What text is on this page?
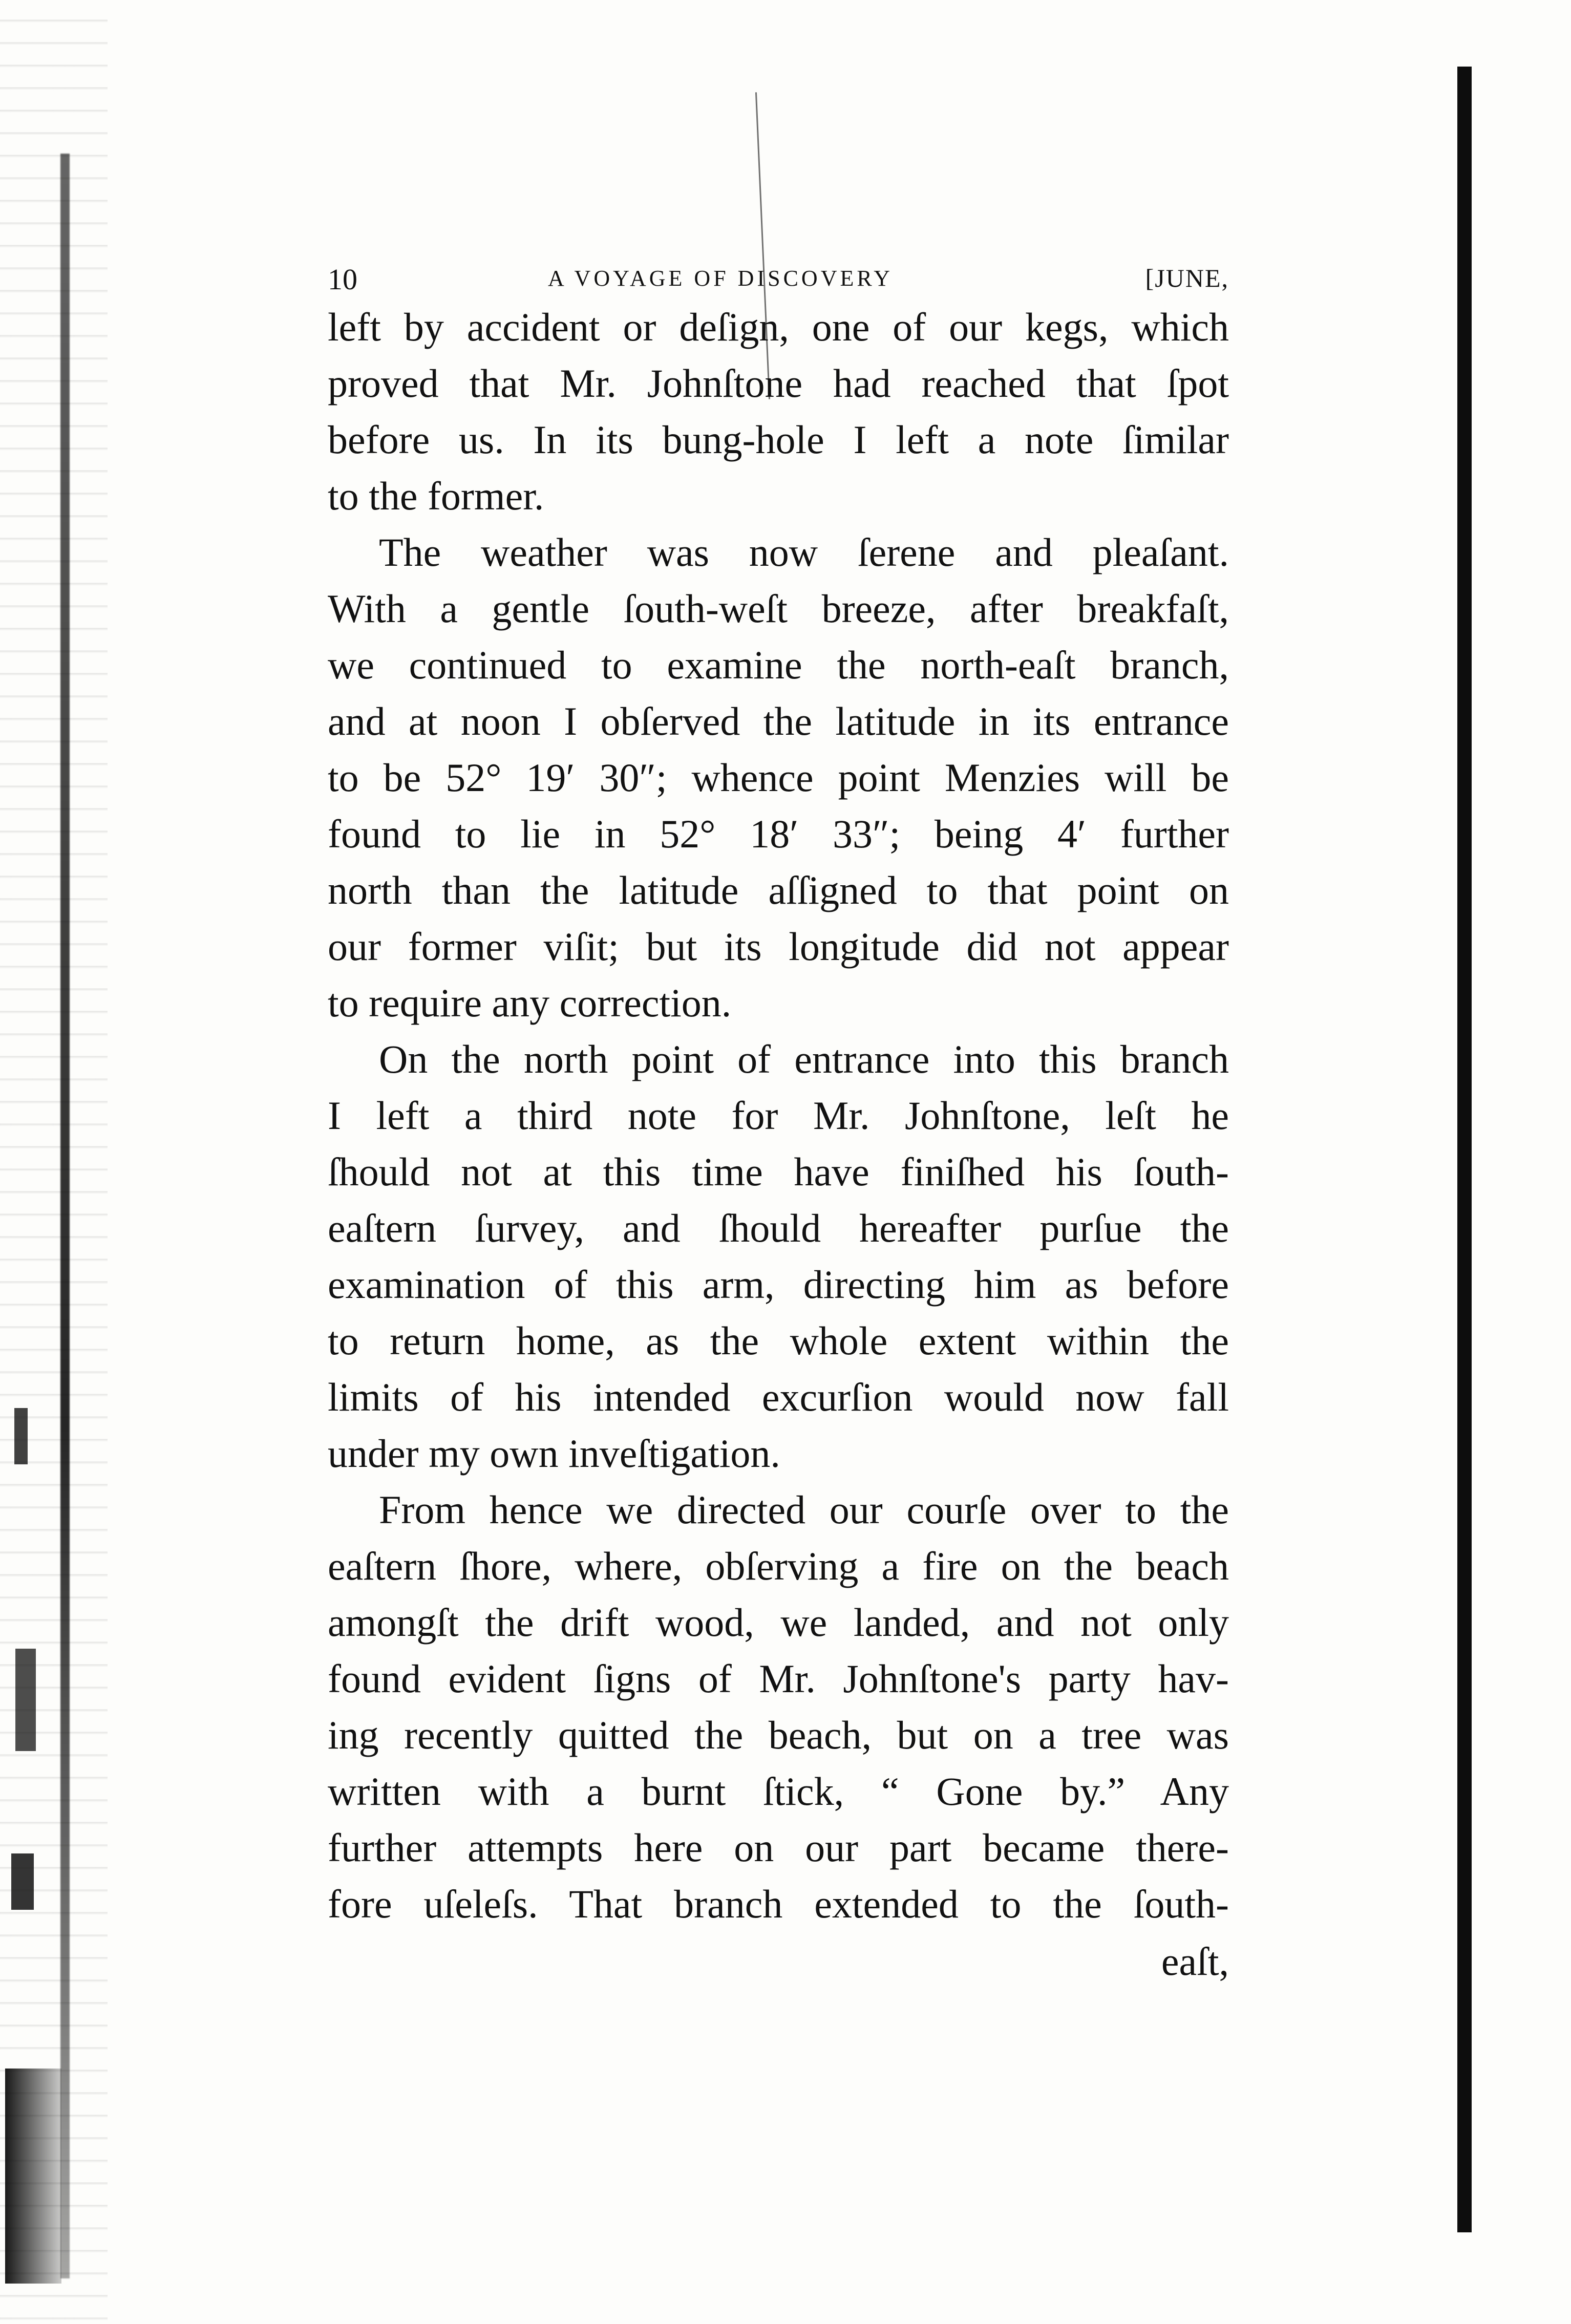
10	A VOYAGE OF DISCOVERY	[JUNE,
left by accident or deſign, one of our kegs, which
proved that Mr. Johnſtone had reached that ſpot
before us. In its bung-hole I left a note ſimilar
to the former.
The weather was now ſerene and pleaſant.
With a gentle ſouth-weſt breeze, after breakfaſt,
we continued to examine the north-eaſt branch,
and at noon I obſerved the latitude in its entrance
to be 52° 19′ 30″; whence point Menzies will be
found to lie in 52° 18′ 33″; being 4′ further
north than the latitude aſſigned to that point on
our former viſit; but its longitude did not appear
to require any correction.
On the north point of entrance into this branch
I left a third note for Mr. Johnſtone, leſt he
ſhould not at this time have finiſhed his ſouth-
eaſtern ſurvey, and ſhould hereafter purſue the
examination of this arm, directing him as before
to return home, as the whole extent within the
limits of his intended excurſion would now fall
under my own inveſtigation.
From hence we directed our courſe over to the
eaſtern ſhore, where, obſerving a fire on the beach
amongſt the drift wood, we landed, and not only
found evident ſigns of Mr. Johnſtone's party hav-
ing recently quitted the beach, but on a tree was
written with a burnt ſtick, “ Gone by.” Any
further attempts here on our part became there-
fore uſeleſs. That branch extended to the ſouth-
eaſt,
